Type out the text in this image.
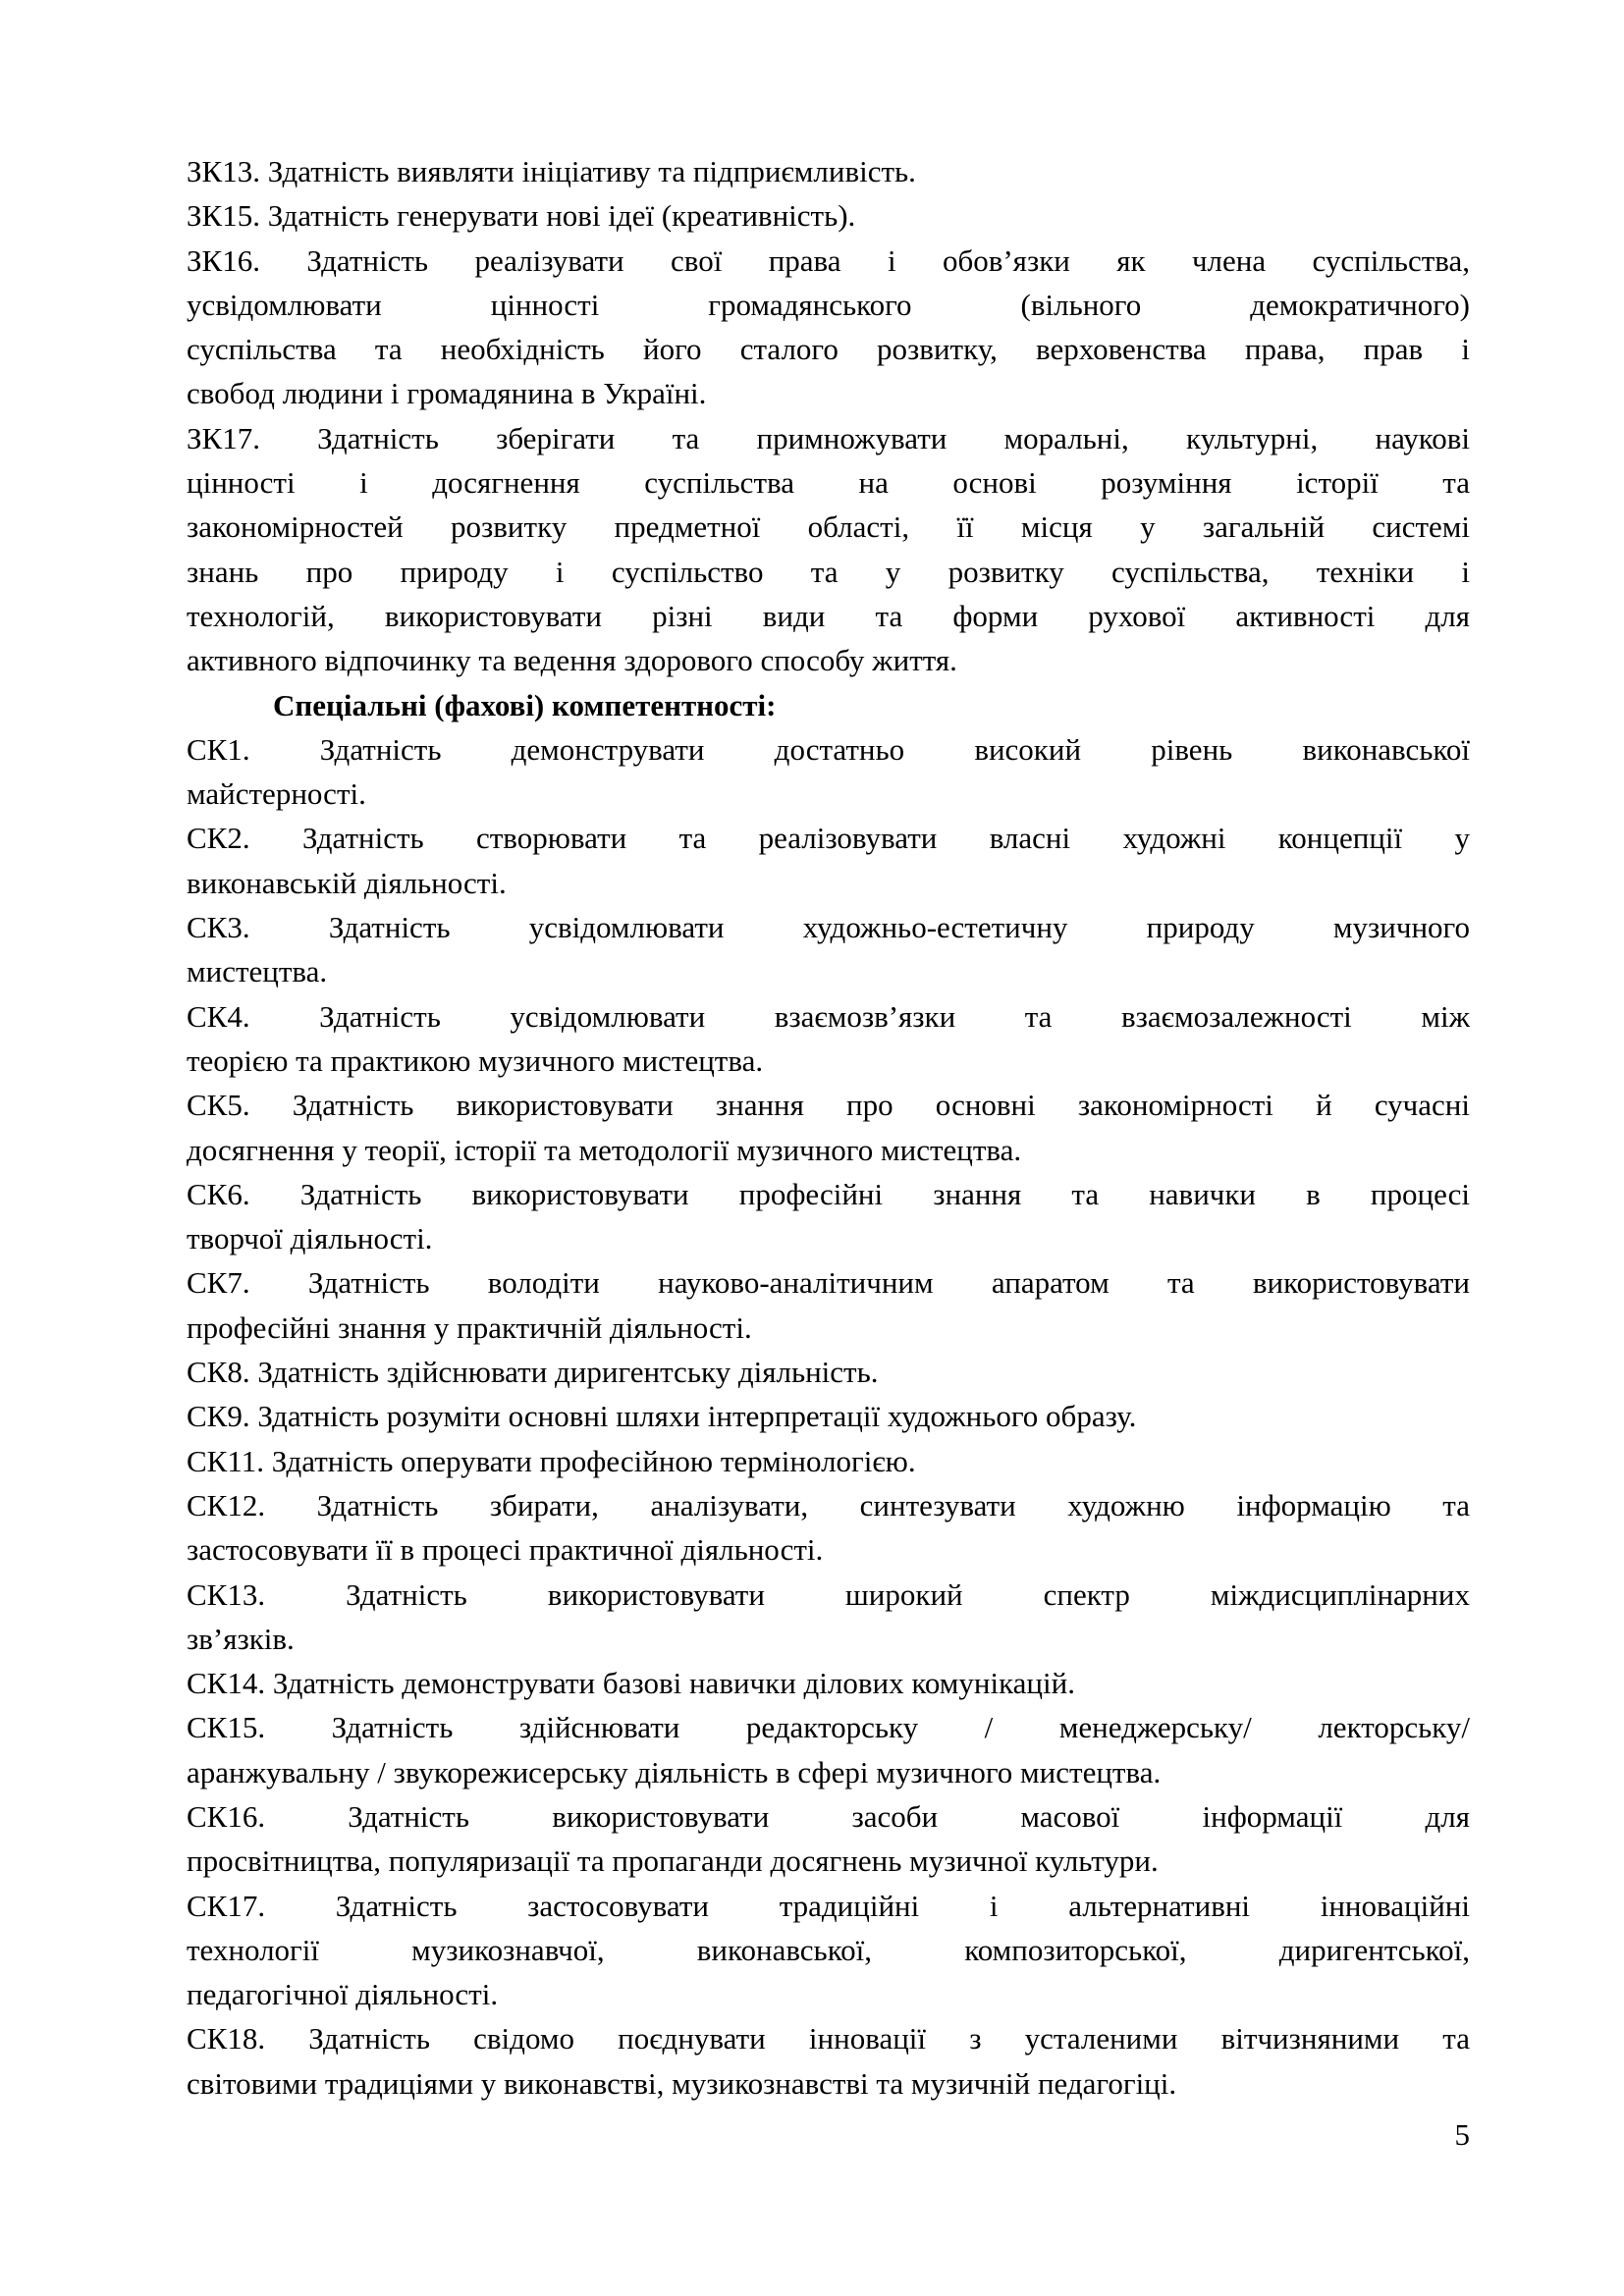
ЗК13. Здатність виявляти ініціативу та підприємливість.
ЗК15. Здатність генерувати нові ідеї (креативність).
ЗК16. Здатність реалізувати свої права і обов’язки як члена суспільства,
усвідомлювати цінності громадянського (вільного демократичного)
суспільства та необхідність його сталого розвитку, верховенства права, прав і
свобод людини і громадянина в Україні.
ЗК17. Здатність зберігати та примножувати моральні, культурні, наукові
цінності і досягнення суспільства на основі розуміння історії та
закономірностей розвитку предметної області, її місця у загальній системі
знань про природу і суспільство та у розвитку суспільства, техніки і
технологій, використовувати різні види та форми рухової активності для
активного відпочинку та ведення здорового способу життя.
Спеціальні (фахові) компетентності:
СК1. Здатність демонструвати достатньо високий рівень виконавської
майстерності.
СК2. Здатність створювати та реалізовувати власні художні концепції у
виконавській діяльності.
СК3. Здатність усвідомлювати художньо-естетичну природу музичного
мистецтва.
СК4. Здатність усвідомлювати взаємозв’язки та взаємозалежності між
теорією та практикою музичного мистецтва.
СК5. Здатність використовувати знання про основні закономірності й сучасні
досягнення у теорії, історії та методології музичного мистецтва.
СК6. Здатність використовувати професійні знання та навички в процесі
творчої діяльності.
СК7. Здатність володіти науково-аналітичним апаратом та використовувати
професійні знання у практичній діяльності.
СК8. Здатність здійснювати диригентську діяльність.
СК9. Здатність розуміти основні шляхи інтерпретації художнього образу.
СК11. Здатність оперувати професійною термінологією.
СК12. Здатність збирати, аналізувати, синтезувати художню інформацію та
застосовувати її в процесі практичної діяльності.
СК13. Здатність використовувати широкий спектр міждисциплінарних
зв’язків.
СК14. Здатність демонструвати базові навички ділових комунікацій.
СК15. Здатність здійснювати редакторську / менеджерську/ лекторську/
аранжувальну / звукорежисерську діяльність в сфері музичного мистецтва.
СК16. Здатність використовувати засоби масової інформації для
просвітництва, популяризації та пропаганди досягнень музичної культури.
СК17. Здатність застосовувати традиційні і альтернативні інноваційні
технології музикознавчої, виконавської, композиторської, диригентської,
педагогічної діяльності.
СК18. Здатність свідомо поєднувати інновації з усталеними вітчизняними та
світовими традиціями у виконавстві, музикознавстві та музичній педагогіці.
5
